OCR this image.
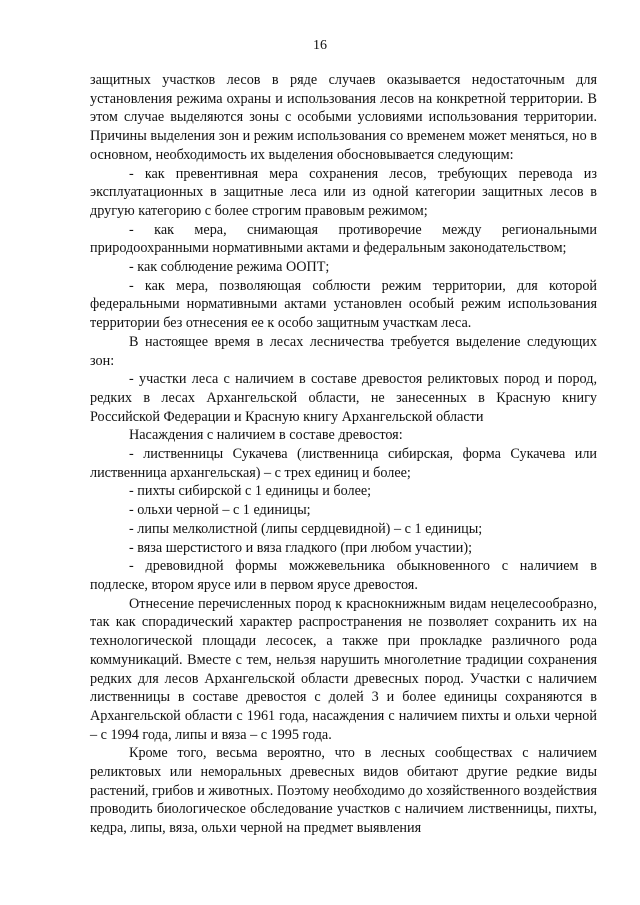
16

защитных участков лесов в ряде случаев оказывается недостаточным для установления режима охраны и использования лесов на конкретной территории. В этом случае выделяются зоны с особыми условиями использования территории. Причины выделения зон и режим использования со временем может меняться, но в основном, необходимость их выделения обосновывается следующим:

- как превентивная мера сохранения лесов, требующих перевода из эксплуатационных в защитные леса или из одной категории защитных лесов в другую категорию с более строгим правовым режимом;

- как мера, снимающая противоречие между региональными природоохранными нормативными актами и федеральным законодательством;

- как соблюдение режима ООПТ;

- как мера, позволяющая соблюсти режим территории, для которой федеральными нормативными актами установлен особый режим использования территории без отнесения ее к особо защитным участкам леса.

В настоящее время в лесах лесничества требуется выделение следующих зон:

- участки леса с наличием в составе древостоя реликтовых пород и пород, редких в лесах Архангельской области, не занесенных в Красную книгу Российской Федерации и Красную книгу Архангельской области

Насаждения с наличием в составе древостоя:

- лиственницы Сукачева (лиственница сибирская, форма Сукачева или лиственница архангельская) – с трех единиц и более;

- пихты сибирской с 1 единицы и более;

- ольхи черной – с 1 единицы;

- липы мелколистной (липы сердцевидной) – с 1 единицы;

- вяза шерстистого и вяза гладкого (при любом участии);

- древовидной формы можжевельника обыкновенного с наличием в подлеске, втором ярусе или в первом ярусе древостоя.

Отнесение перечисленных пород к краснокнижным видам нецелесообразно, так как спорадический характер распространения не позволяет сохранить их на технологической площади лесосек, а также при прокладке различного рода коммуникаций. Вместе с тем, нельзя нарушить многолетние традиции сохранения редких для лесов Архангельской области древесных пород. Участки с наличием лиственницы в составе древостоя с долей 3 и более единицы сохраняются в Архангельской области с 1961 года, насаждения с наличием пихты и ольхи черной – с 1994 года, липы и вяза – с 1995 года.

Кроме того, весьма вероятно, что в лесных сообществах с наличием реликтовых или неморальных древесных видов обитают другие редкие виды растений, грибов и животных. Поэтому необходимо до хозяйственного воздействия проводить биологическое обследование участков с наличием лиственницы, пихты, кедра, липы, вяза, ольхи черной на предмет выявления
